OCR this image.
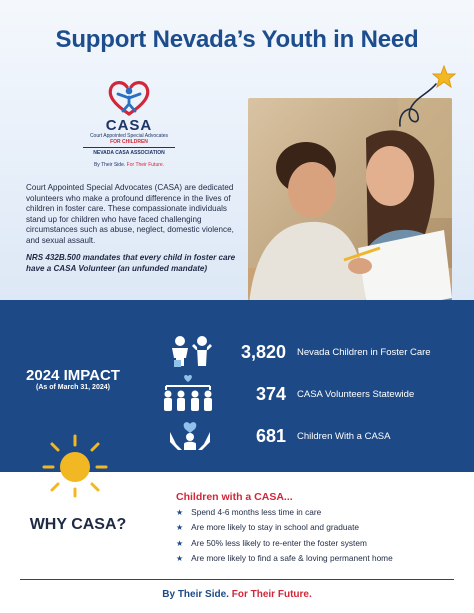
Support Nevada’s Youth in Need
CASA
Court Appointed Special Advocates
FOR CHILDREN
NEVADA CASA ASSOCIATION
By Their Side. For Their Future.

Court Appointed Special Advocates (CASA) are dedicated volunteers who make a profound difference in the lives of children in foster care. These compassionate individuals stand up for children who have faced challenging circumstances such as abuse, neglect, domestic violence, and sexual assault.

NRS 432B.500 mandates that every child in foster care have a CASA Volunteer (an unfunded mandate)

2024 IMPACT
(As of March 31, 2024)
3,820 Nevada Children in Foster Care
374 CASA Volunteers Statewide
681 Children With a CASA
WHY CASA?
Children with a CASA...
★ Spend 4-6 months less time in care
★ Are more likely to stay in school and graduate
★ Are 50% less likely to re-enter the foster system
★ Are more likely to find a safe & loving permanent home
By Their Side. For Their Future.
